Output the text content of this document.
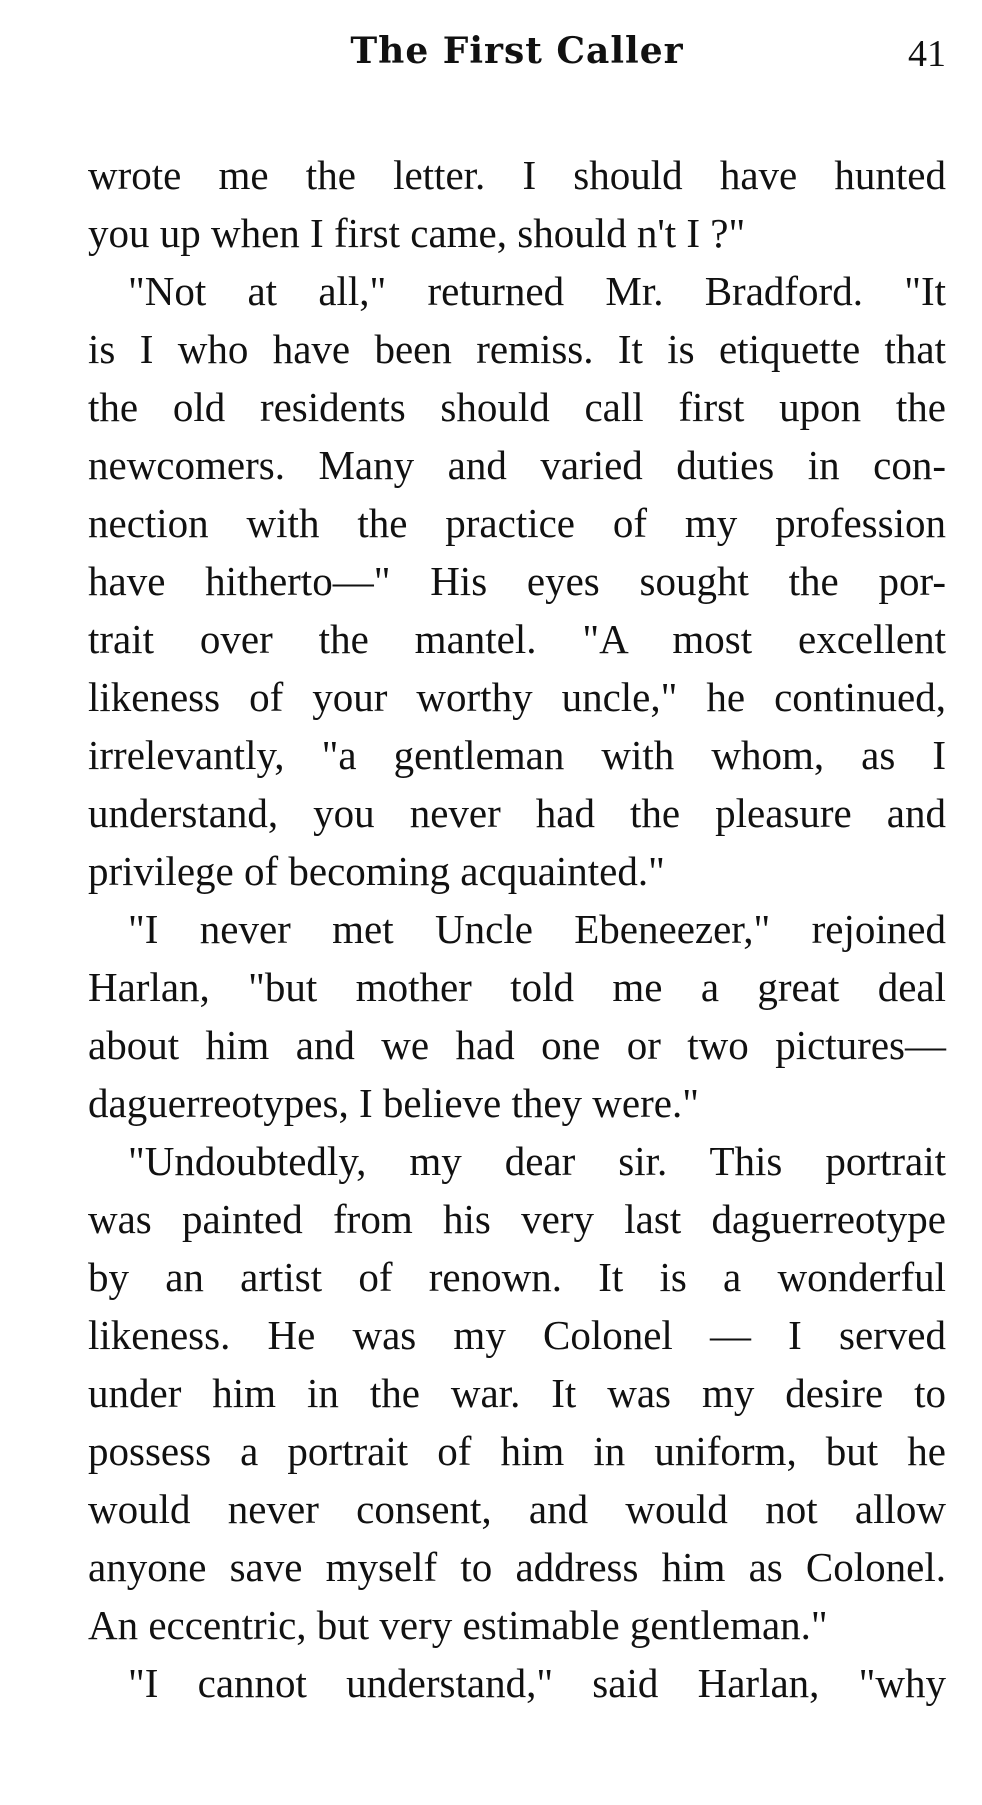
The First Caller	41
wrote me the letter. I should have hunted
you up when I first came, should n't I ?"
"Not at all," returned Mr. Bradford. "It
is I who have been remiss. It is etiquette that
the old residents should call first upon the
newcomers. Many and varied duties in con-
nection with the practice of my profession
have hitherto—" His eyes sought the por-
trait over the mantel. "A most excellent
likeness of your worthy uncle," he continued,
irrelevantly, "a gentleman with whom, as I
understand, you never had the pleasure and
privilege of becoming acquainted."
"I never met Uncle Ebeneezer," rejoined
Harlan, "but mother told me a great deal
about him and we had one or two pictures—
daguerreotypes, I believe they were."
"Undoubtedly, my dear sir. This portrait
was painted from his very last daguerreotype
by an artist of renown. It is a wonderful
likeness. He was my Colonel — I served
under him in the war. It was my desire to
possess a portrait of him in uniform, but he
would never consent, and would not allow
anyone save myself to address him as Colonel.
An eccentric, but very estimable gentleman."
"I cannot understand," said Harlan, "why
